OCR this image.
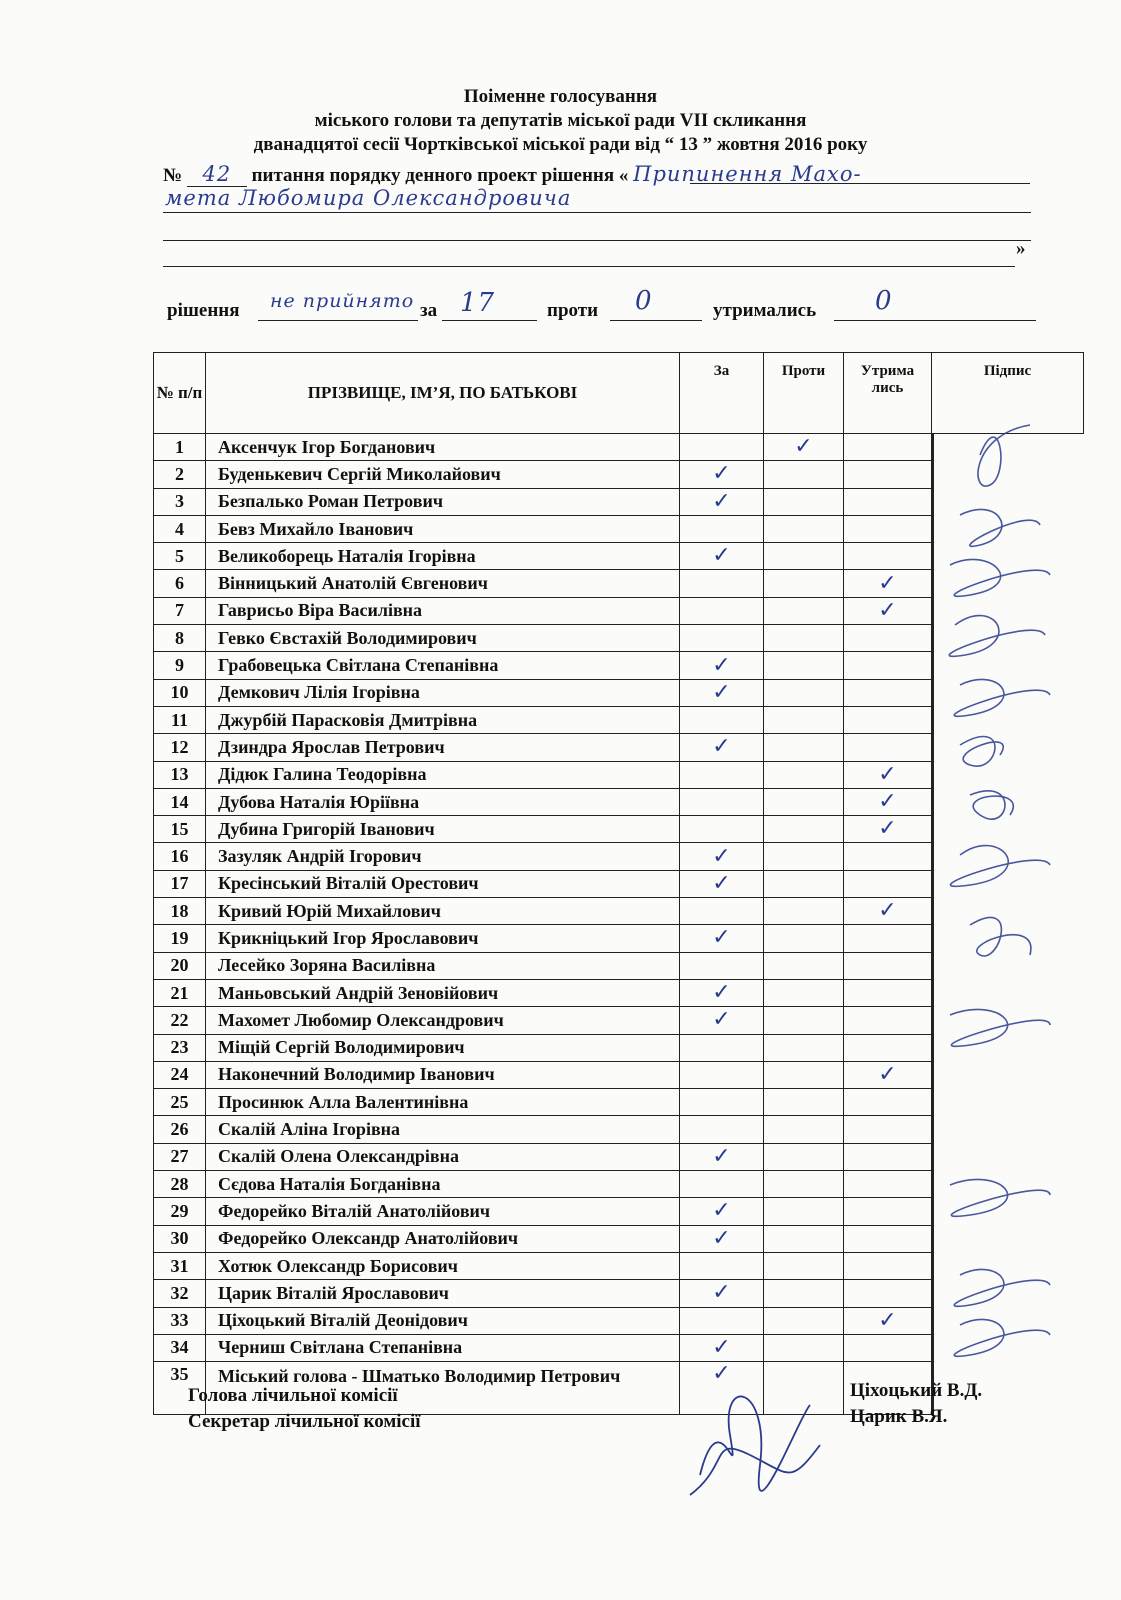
Поіменне голосування
міського голови та депутатів міської ради VII скликання
дванадцятої сесії Чортківської міської ради від “ 13 ” жовтня 2016 року
№ 42 питання порядку денного проект рішення « Припинення Махо-
мета Любомира Олександровича
»
рішення не прийнято за 17	проти 0	утримались 0
№ п/п	ПРІЗВИЩЕ, ІМ’Я, ПО БАТЬКОВІ	За	Проти	Утрима лись	Підпис
1	Аксенчук Ігор Богданович		✓		

2	Буденькевич Сергій Миколайович	✓			

3	Безпалько Роман Петрович	✓			

4	Бевз Михайло Іванович				

5	Великоборець Наталія Ігорівна	✓			

6	Вінницький Анатолій Євгенович			✓	

7	Гаврисьо Віра Василівна			✓	

8	Гевко Євстахій Володимирович				

9	Грабовецька Світлана Степанівна	✓			

10	Демкович Лілія Ігорівна	✓			

11	Джурбій Парасковія Дмитрівна				

12	Дзиндра Ярослав Петрович	✓			

13	Дідюк Галина Теодорівна			✓	

14	Дубова Наталія Юріївна			✓	

15	Дубина Григорій Іванович			✓	

16	Зазуляк Андрій Ігорович	✓			

17	Кресінський Віталій Орестович	✓			

18	Кривий Юрій Михайлович			✓	

19	Крикніцький Ігор Ярославович	✓			

20	Лесейко Зоряна Василівна				

21	Маньовський Андрій Зеновійович	✓			

22	Махомет Любомир Олександрович	✓			

23	Міщій Сергій Володимирович				

24	Наконечний Володимир Іванович			✓	

25	Просинюк Алла Валентинівна				

26	Скалій Аліна Ігорівна				

27	Скалій Олена Олександрівна	✓			

28	Сєдова Наталія Богданівна				

29	Федорейко Віталій Анатолійович	✓			

30	Федорейко Олександр Анатолійович	✓			

31	Хотюк Олександр Борисович				

32	Царик Віталій Ярославович	✓			

33	Ціхоцький Віталій Деонідович			✓	

34	Черниш Світлана Степанівна	✓			

35	Міський голова - Шматько Володимир Петрович	✓			
Голова лічильної комісії
Секретар лічильної комісії
Ціхоцький В.Д.
Царик В.Я.
